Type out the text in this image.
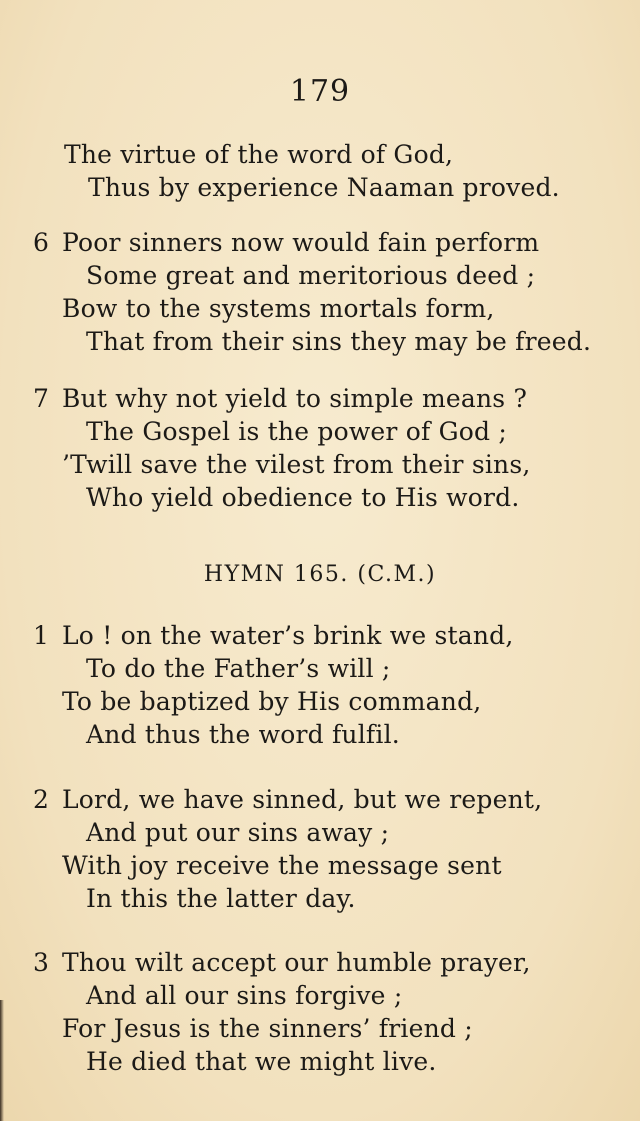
179
The virtue of the word of God,
Thus by experience Naaman proved.
6 Poor sinners now would fain perform
Some great and meritorious deed ;
Bow to the systems mortals form,
That from their sins they may be freed.
7 But why not yield to simple means ?
The Gospel is the power of God ;
’Twill save the vilest from their sins,
Who yield obedience to His word.
HYMN 165. (C.M.)
1 Lo ! on the water’s brink we stand,
To do the Father’s will ;
To be baptized by His command,
And thus the word fulfil.
2 Lord, we have sinned, but we repent,
And put our sins away ;
With joy receive the message sent
In this the latter day.
3 Thou wilt accept our humble prayer,
And all our sins forgive ;
For Jesus is the sinners’ friend ;
He died that we might live.
